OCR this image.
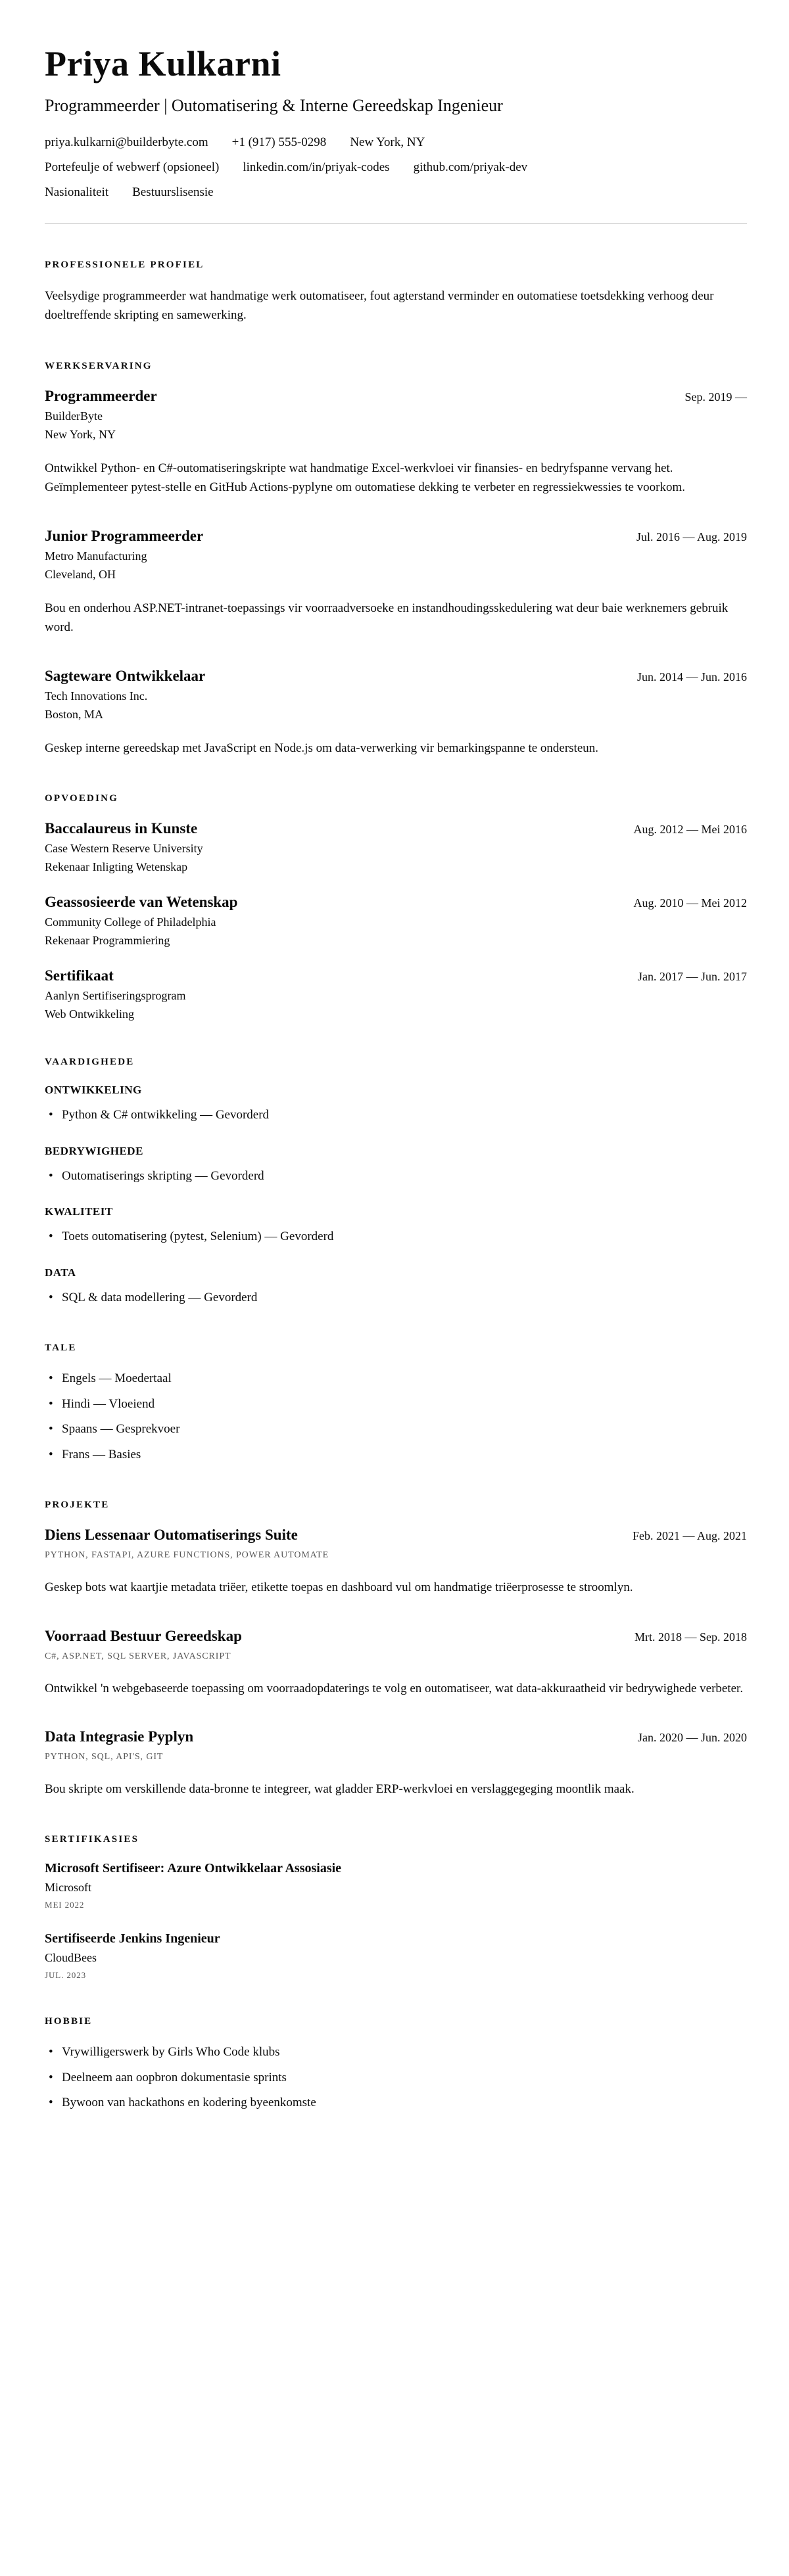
Priya Kulkarni
Programmeerder | Outomatisering & Interne Gereedskap Ingenieur
priya.kulkarni@builderbyte.com +1 (917) 555-0298 New York, NY
Portefeulje of webwerf (opsioneel) linkedin.com/in/priyak-codes github.com/priyak-dev
Nasionaliteit Bestuurslisensie
PROFESSIONELE PROFIEL

Veelsydige programmeerder wat handmatige werk outomatiseer, fout agterstand verminder en outomatiese toetsdekking verhoog deur doeltreffende skripting en samewerking.

WERKSERVARING
Programmeerder	Sep. 2019 —
BuilderByte
New York, NY

Ontwikkel Python- en C#-outomatiseringskripte wat handmatige Excel-werkvloei vir finansies- en bedryfspanne vervang het. Geïmplementeer pytest-stelle en GitHub Actions-pyplyne om outomatiese dekking te verbeter en regressiekwessies te voorkom.

Junior Programmeerder	Jul. 2016 — Aug. 2019
Metro Manufacturing
Cleveland, OH

Bou en onderhou ASP.NET-intranet-toepassings vir voorraadversoeke en instandhoudingsskedulering wat deur baie werknemers gebruik word.

Sagteware Ontwikkelaar	Jun. 2014 — Jun. 2016
Tech Innovations Inc.
Boston, MA

Geskep interne gereedskap met JavaScript en Node.js om data-verwerking vir bemarkingspanne te ondersteun.

OPVOEDING
Baccalaureus in Kunste	Aug. 2012 — Mei 2016
Case Western Reserve University
Rekenaar Inligting Wetenskap
Geassosieerde van Wetenskap	Aug. 2010 — Mei 2012
Community College of Philadelphia
Rekenaar Programmiering
Sertifikaat	Jan. 2017 — Jun. 2017
Aanlyn Sertifiseringsprogram
Web Ontwikkeling
VAARDIGHEDE
ONTWIKKELING
• Python & C# ontwikkeling — Gevorderd
BEDRYWIGHEDE
• Outomatiserings skripting — Gevorderd
KWALITEIT
• Toets outomatisering (pytest, Selenium) — Gevorderd
DATA
• SQL & data modellering — Gevorderd
TALE
• Engels — Moedertaal
• Hindi — Vloeiend
• Spaans — Gesprekvoer
• Frans — Basies
PROJEKTE
Diens Lessenaar Outomatiserings Suite	Feb. 2021 — Aug. 2021
PYTHON, FASTAPI, AZURE FUNCTIONS, POWER AUTOMATE

Geskep bots wat kaartjie metadata triëer, etikette toepas en dashboard vul om handmatige triëerprosesse te stroomlyn.

Voorraad Bestuur Gereedskap	Mrt. 2018 — Sep. 2018
C#, ASP.NET, SQL SERVER, JAVASCRIPT

Ontwikkel 'n webgebaseerde toepassing om voorraadopdaterings te volg en outomatiseer, wat data-akkuraatheid vir bedrywighede verbeter.

Data Integrasie Pyplyn	Jan. 2020 — Jun. 2020
PYTHON, SQL, API'S, GIT

Bou skripte om verskillende data-bronne te integreer, wat gladder ERP-werkvloei en verslaggegeging moontlik maak.

SERTIFIKASIES
Microsoft Sertifiseer: Azure Ontwikkelaar Assosiasie
Microsoft
MEI 2022
Sertifiseerde Jenkins Ingenieur
CloudBees
JUL. 2023
HOBBIE
• Vrywilligerswerk by Girls Who Code klubs
• Deelneem aan oopbron dokumentasie sprints
• Bywoon van hackathons en kodering byeenkomste
